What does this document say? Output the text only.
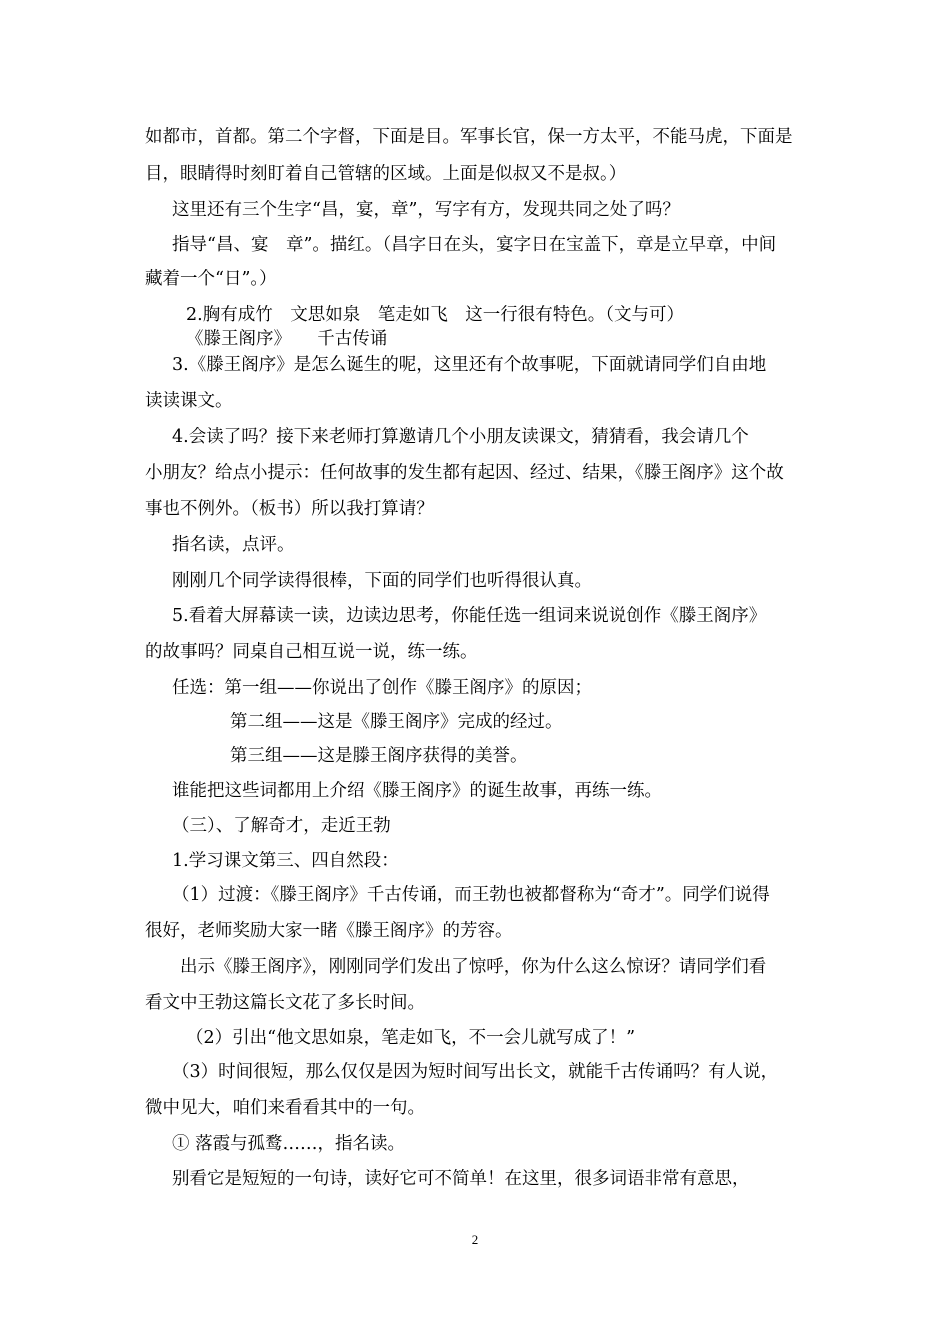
如都市，首都。第二个字督，下面是目。军事长官，保一方太平，不能马虎，下面是
目，眼睛得时刻盯着自己管辖的区域。上面是似叔又不是叔。）
这里还有三个生字“昌，宴，章”，写字有方，发现共同之处了吗？
指导“昌、宴　章”。描红。（昌字日在头，宴字日在宝盖下，章是立早章，中间
藏着一个“日”。）
2.胸有成竹　文思如泉　笔走如飞　这一行很有特色。（文与可）
《滕王阁序》　　千古传诵
3.《滕王阁序》是怎么诞生的呢，这里还有个故事呢，下面就请同学们自由地
读读课文。
4.会读了吗？接下来老师打算邀请几个小朋友读课文，猜猜看，我会请几个
小朋友？给点小提示：任何故事的发生都有起因、经过、结果，《滕王阁序》这个故
事也不例外。（板书）所以我打算请？
指名读，点评。
刚刚几个同学读得很棒，下面的同学们也听得很认真。
5.看着大屏幕读一读，边读边思考，你能任选一组词来说说创作《滕王阁序》
的故事吗？同桌自己相互说一说，练一练。
任选：第一组——你说出了创作《滕王阁序》的原因；
第二组——这是《滕王阁序》完成的经过。
第三组——这是滕王阁序获得的美誉。
谁能把这些词都用上介绍《滕王阁序》的诞生故事，再练一练。
（三）、了解奇才，走近王勃
1.学习课文第三、四自然段：
（1）过渡：《滕王阁序》千古传诵，而王勃也被都督称为“奇才”。同学们说得
很好，老师奖励大家一睹《滕王阁序》的芳容。
出示《滕王阁序》，刚刚同学们发出了惊呼，你为什么这么惊讶？请同学们看
看文中王勃这篇长文花了多长时间。
（2）引出“他文思如泉，笔走如飞，不一会儿就写成了！”
（3）时间很短，那么仅仅是因为短时间写出长文，就能千古传诵吗？有人说，
微中见大，咱们来看看其中的一句。
① 落霞与孤鹜……，指名读。
别看它是短短的一句诗，读好它可不简单！在这里，很多词语非常有意思，
2
